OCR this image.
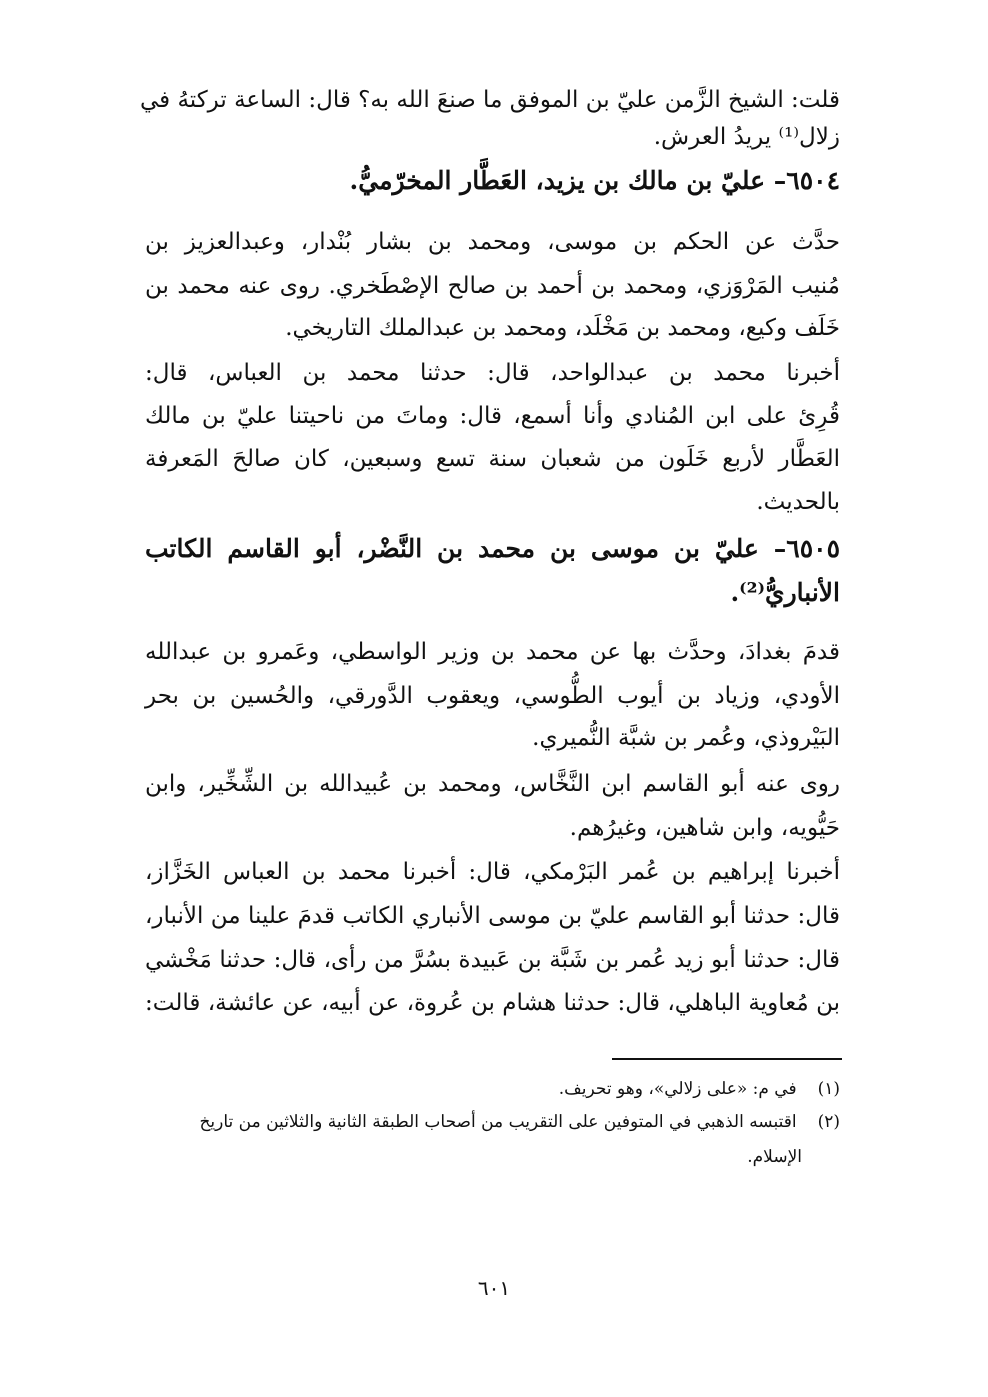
قلت: الشيخ الزَّمن عليّ بن الموفق ما صنعَ الله به؟ قال: الساعة تركتهُ في
زلال⁽¹⁾ يريدُ العرش.
٦٥٠٤– عليّ بن مالك بن يزيد، العَطَّار المخرّميُّ.
حدَّث عن الحكم بن موسى، ومحمد بن بشار بُنْدار، وعبدالعزيز بن
مُنيب المَرْوَزي، ومحمد بن أحمد بن صالح الإصْطَخري. روى عنه محمد بن
خَلَف وكيع، ومحمد بن مَخْلَد، ومحمد بن عبدالملك التاريخي.
أخبرنا محمد بن عبدالواحد، قال: حدثنا محمد بن العباس، قال:
قُرِئ على ابن المُنادي وأنا أسمع، قال: وماتَ من ناحيتنا عليّ بن مالك
العَطَّار لأربع خَلَون من شعبان سنة تسع وسبعين، كان صالحَ المَعرفة
بالحديث.
٦٥٠٥– عليّ بن موسى بن محمد بن النَّضْر، أبو القاسم الكاتب
الأنباريُّ⁽²⁾.
قدمَ بغدادَ، وحدَّث بها عن محمد بن وزير الواسطي، وعَمرو بن عبدالله
الأودي، وزياد بن أيوب الطُّوسي، ويعقوب الدَّورقي، والحُسين بن بحر
البَيْروذي، وعُمر بن شبَّة النُّميري.
روى عنه أبو القاسم ابن النَّخَّاس، ومحمد بن عُبيدالله بن الشِّخِّير، وابن
حَيُّويه، وابن شاهين، وغيرُهم.
أخبرنا إبراهيم بن عُمر البَرْمكي، قال: أخبرنا محمد بن العباس الخَزَّاز،
قال: حدثنا أبو القاسم عليّ بن موسى الأنباري الكاتب قدمَ علينا من الأنبار،
قال: حدثنا أبو زيد عُمر بن شَبَّة بن عَبيدة بسُرَّ من رأى، قال: حدثنا مَخْشي
بن مُعاوية الباهلي، قال: حدثنا هشام بن عُروة، عن أبيه، عن عائشة، قالت:
(١) في م: «على زلالي»، وهو تحريف.
(٢) اقتبسه الذهبي في المتوفين على التقريب من أصحاب الطبقة الثانية والثلاثين من تاريخ
الإسلام.
٦٠١
